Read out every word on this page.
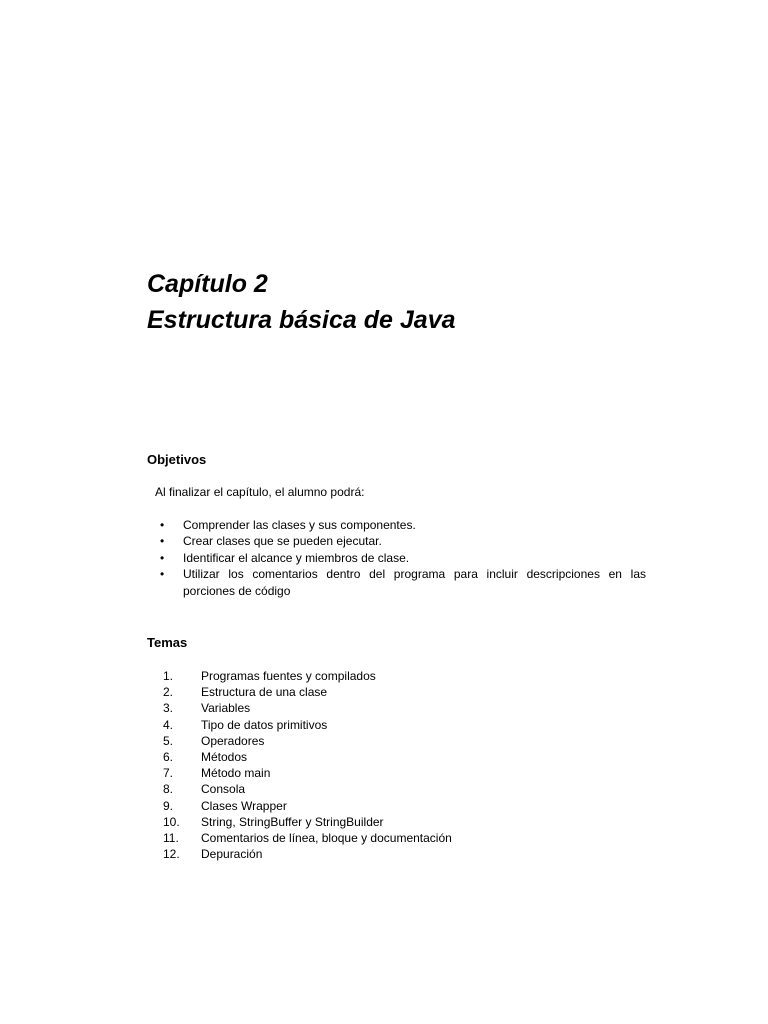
Capítulo 2
Estructura básica de Java
Objetivos

Al finalizar el capítulo, el alumno podrá:

• Comprender las clases y sus componentes.
• Crear clases que se pueden ejecutar.
• Identificar el alcance y miembros de clase.
• Utilizar los comentarios dentro del programa para incluir descripciones en las porciones de código
Temas
1.	Programas fuentes y compilados
2.	Estructura de una clase
3.	Variables
4.	Tipo de datos primitivos
5.	Operadores
6.	Métodos
7.	Método main
8.	Consola
9.	Clases Wrapper
10.	String, StringBuffer y StringBuilder
11.	Comentarios de línea, bloque y documentación
12.	Depuración
